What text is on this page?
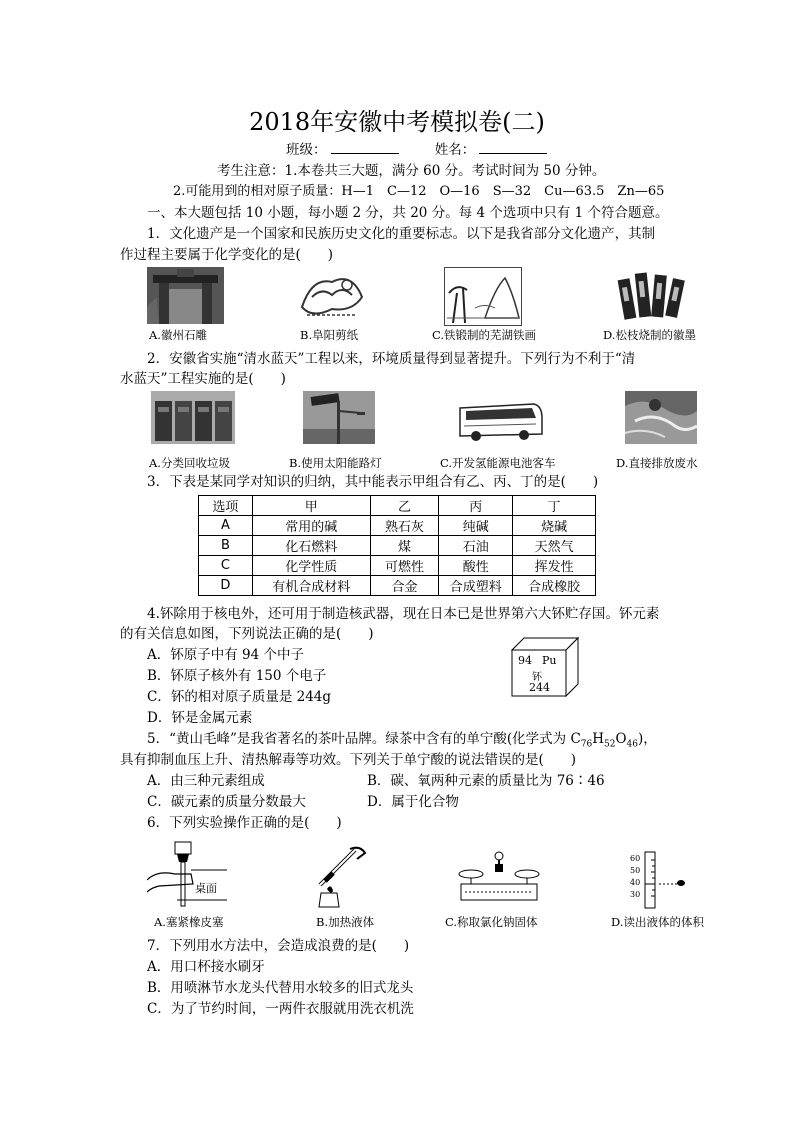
2018年安徽中考模拟卷(二)
班级：	姓名：
考生注意：1.本卷共三大题，满分 60 分。考试时间为 50 分钟。
2.可能用到的相对原子质量：H—1　C—12　O—16　S—32　Cu—63.5　Zn—65
一、本大题包括 10 小题，每小题 2 分，共 20 分。每 4 个选项中只有 1 个符合题意。
1．文化遗产是一个国家和民族历史文化的重要标志。以下是我省部分文化遗产，其制
作过程主要属于化学变化的是(　　)
A.徽州石雕	B.阜阳剪纸	C.铁锻制的芜湖铁画	D.松枝烧制的徽墨
2．安徽省实施“清水蓝天”工程以来，环境质量得到显著提升。下列行为不利于“清
水蓝天”工程实施的是(　　)
A.分类回收垃圾	B.使用太阳能路灯	C.开发氢能源电池客车	D.直接排放废水
3．下表是某同学对知识的归纳，其中能表示甲组合有乙、丙、丁的是(　　)
选项	甲	乙	丙	丁
A	常用的碱	熟石灰	纯碱	烧碱
B	化石燃料	煤	石油	天然气
C	化学性质	可燃性	酸性	挥发性
D	有机合成材料	合金	合成塑料	合成橡胶
4.钚除用于核电外，还可用于制造核武器，现在日本已是世界第六大钚贮存国。钚元素
的有关信息如图，下列说法正确的是(　　)
A．钚原子中有 94 个中子
B．钚原子核外有 150 个电子
C．钚的相对原子质量是 244g
D．钚是金属元素
94 Pu
钚
244
5．“黄山毛峰”是我省著名的茶叶品牌。绿茶中含有的单宁酸(化学式为 $C_{76}H_{52}O_{46}$)，
具有抑制血压上升、清热解毒等功效。下列关于单宁酸的说法错误的是(　　)
A．由三种元素组成	B．碳、氧两种元素的质量比为 76∶46
C．碳元素的质量分数最大	D．属于化合物
6．下列实验操作正确的是(　　)
桌面
60
50
40
30
A.塞紧橡皮塞	B.加热液体	C.称取氯化钠固体	D.读出液体的体积
7．下列用水方法中，会造成浪费的是(　　)
A．用口杯接水刷牙
B．用喷淋节水龙头代替用水较多的旧式龙头
C．为了节约时间，一两件衣服就用洗衣机洗
